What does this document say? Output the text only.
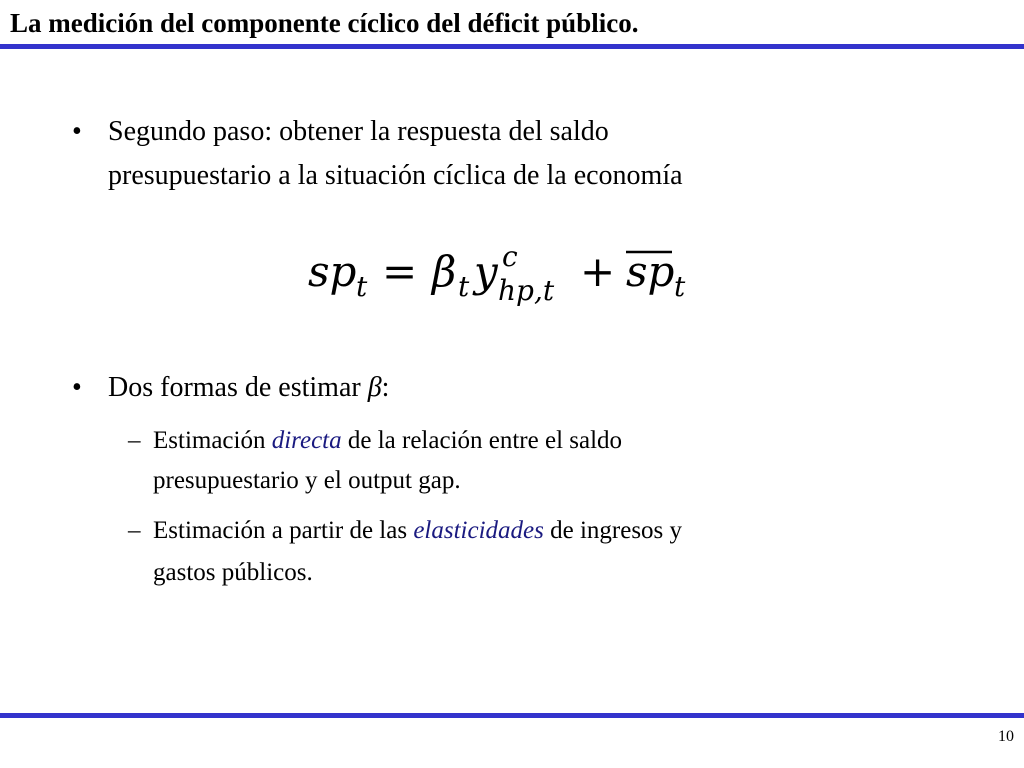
La medición del componente cíclico del déficit público.
• Segundo paso: obtener la respuesta del saldo
presupuestario a la situación cíclica de la economía
sp t = β t y c
hp,t + sp t
• Dos formas de estimar β:
– Estimación directa de la relación entre el saldo
presupuestario y el output gap.
– Estimación a partir de las elasticidades de ingresos y
gastos públicos.
10
